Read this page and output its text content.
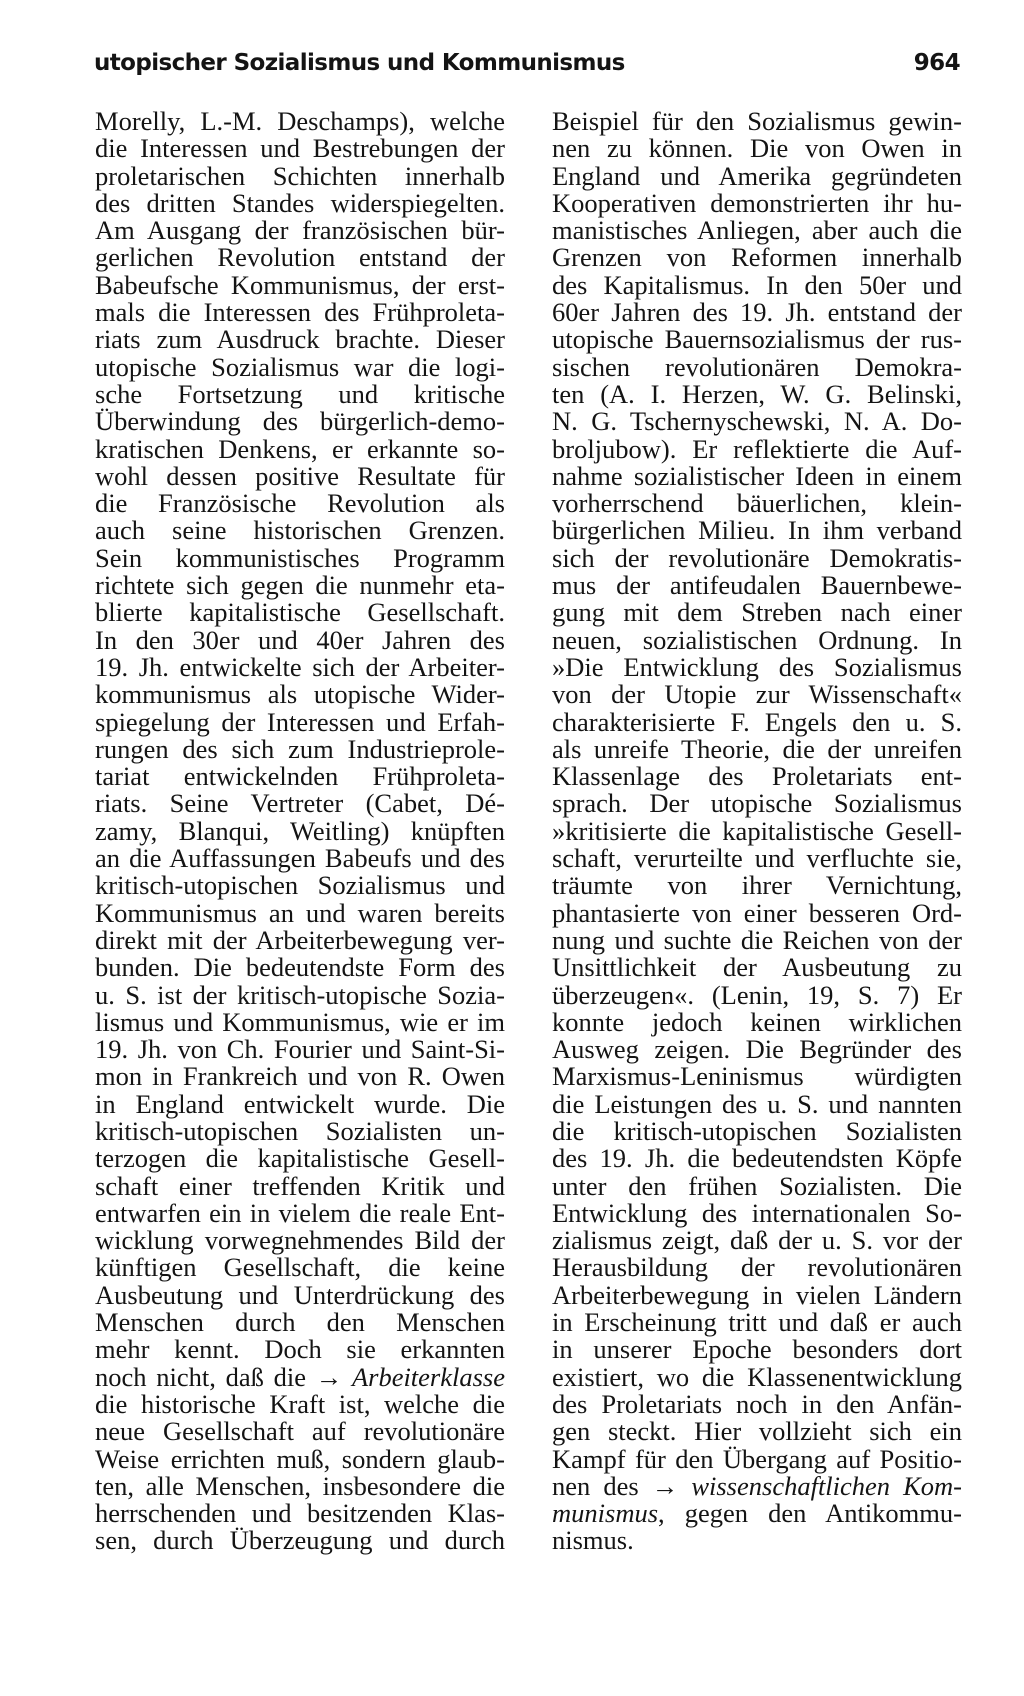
utopischer Sozialismus und Kommunismus	964
Morelly, L.-M. Deschamps), welche
die Interessen und Bestrebungen der
proletarischen Schichten innerhalb
des dritten Standes widerspiegelten.
Am Ausgang der französischen bür-
gerlichen Revolution entstand der
Babeufsche Kommunismus, der erst-
mals die Interessen des Frühproleta-
riats zum Ausdruck brachte. Dieser
utopische Sozialismus war die logi-
sche Fortsetzung und kritische
Überwindung des bürgerlich-demo-
kratischen Denkens, er erkannte so-
wohl dessen positive Resultate für
die Französische Revolution als
auch seine historischen Grenzen.
Sein kommunistisches Programm
richtete sich gegen die nunmehr eta-
blierte kapitalistische Gesellschaft.
In den 30er und 40er Jahren des
19. Jh. entwickelte sich der Arbeiter-
kommunismus als utopische Wider-
spiegelung der Interessen und Erfah-
rungen des sich zum Industrieprole-
tariat entwickelnden Frühproleta-
riats. Seine Vertreter (Cabet, Dé-
zamy, Blanqui, Weitling) knüpften
an die Auffassungen Babeufs und des
kritisch-utopischen Sozialismus und
Kommunismus an und waren bereits
direkt mit der Arbeiterbewegung ver-
bunden. Die bedeutendste Form des
u. S. ist der kritisch-utopische Sozia-
lismus und Kommunismus, wie er im
19. Jh. von Ch. Fourier und Saint-Si-
mon in Frankreich und von R. Owen
in England entwickelt wurde. Die
kritisch-utopischen Sozialisten un-
terzogen die kapitalistische Gesell-
schaft einer treffenden Kritik und
entwarfen ein in vielem die reale Ent-
wicklung vorwegnehmendes Bild der
künftigen Gesellschaft, die keine
Ausbeutung und Unterdrückung des
Menschen durch den Menschen
mehr kennt. Doch sie erkannten
noch nicht, daß die → Arbeiterklasse
die historische Kraft ist, welche die
neue Gesellschaft auf revolutionäre
Weise errichten muß, sondern glaub-
ten, alle Menschen, insbesondere die
herrschenden und besitzenden Klas-
sen, durch Überzeugung und durch
Beispiel für den Sozialismus gewin-
nen zu können. Die von Owen in
England und Amerika gegründeten
Kooperativen demonstrierten ihr hu-
manistisches Anliegen, aber auch die
Grenzen von Reformen innerhalb
des Kapitalismus. In den 50er und
60er Jahren des 19. Jh. entstand der
utopische Bauernsozialismus der rus-
sischen revolutionären Demokra-
ten (A. I. Herzen, W. G. Belinski,
N. G. Tschernyschewski, N. A. Do-
broljubow). Er reflektierte die Auf-
nahme sozialistischer Ideen in einem
vorherrschend bäuerlichen, klein-
bürgerlichen Milieu. In ihm verband
sich der revolutionäre Demokratis-
mus der antifeudalen Bauernbewe-
gung mit dem Streben nach einer
neuen, sozialistischen Ordnung. In
»Die Entwicklung des Sozialismus
von der Utopie zur Wissenschaft«
charakterisierte F. Engels den u. S.
als unreife Theorie, die der unreifen
Klassenlage des Proletariats ent-
sprach. Der utopische Sozialismus
»kritisierte die kapitalistische Gesell-
schaft, verurteilte und verfluchte sie,
träumte von ihrer Vernichtung,
phantasierte von einer besseren Ord-
nung und suchte die Reichen von der
Unsittlichkeit der Ausbeutung zu
überzeugen«. (Lenin, 19, S. 7) Er
konnte jedoch keinen wirklichen
Ausweg zeigen. Die Begründer des
Marxismus-Leninismus würdigten
die Leistungen des u. S. und nannten
die kritisch-utopischen Sozialisten
des 19. Jh. die bedeutendsten Köpfe
unter den frühen Sozialisten. Die
Entwicklung des internationalen So-
zialismus zeigt, daß der u. S. vor der
Herausbildung der revolutionären
Arbeiterbewegung in vielen Ländern
in Erscheinung tritt und daß er auch
in unserer Epoche besonders dort
existiert, wo die Klassenentwicklung
des Proletariats noch in den Anfän-
gen steckt. Hier vollzieht sich ein
Kampf für den Übergang auf Positio-
nen des → wissenschaftlichen Kom-
munismus, gegen den Antikommu-
nismus.
